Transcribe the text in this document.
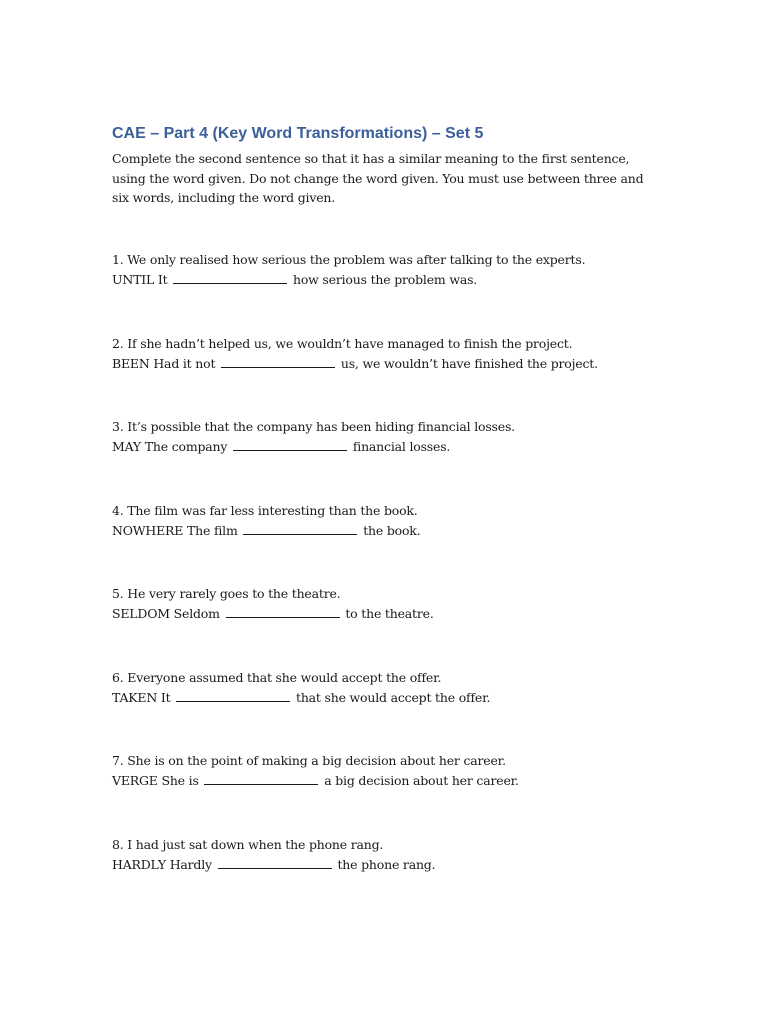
CAE – Part 4 (Key Word Transformations) – Set 5

Complete the second sentence so that it has a similar meaning to the first sentence, using the word given. Do not change the word given. You must use between three and six words, including the word given.

1. We only realised how serious the problem was after talking to the experts.
UNTIL It	how serious the problem was.
2. If she hadn’t helped us, we wouldn’t have managed to finish the project.
BEEN Had it not	us, we wouldn’t have finished the project.
3. It’s possible that the company has been hiding financial losses.
MAY The company	financial losses.
4. The film was far less interesting than the book.
NOWHERE The film	the book.
5. He very rarely goes to the theatre.
SELDOM Seldom	to the theatre.
6. Everyone assumed that she would accept the offer.
TAKEN It	that she would accept the offer.
7. She is on the point of making a big decision about her career.
VERGE She is	a big decision about her career.
8. I had just sat down when the phone rang.
HARDLY Hardly	the phone rang.
